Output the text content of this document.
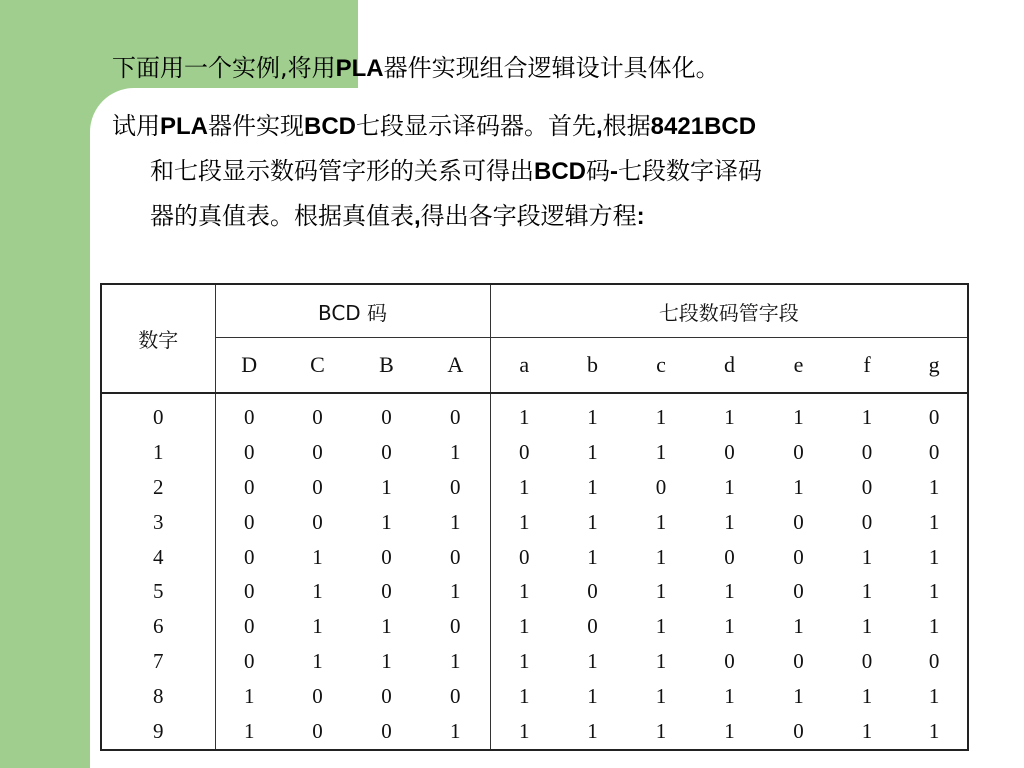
下面用一个实例,将用PLA器件实现组合逻辑设计具体化。

试用PLA器件实现BCD七段显示译码器。首先,根据8421BCD
和七段显示数码管字形的关系可得出BCD码-七段数字译码
器的真值表。根据真值表,得出各字段逻辑方程:

数字	BCD 码				七段数码管字段						
	D	C	B	A	a	b	c	d	e	f	g
0	0	0	0	0	1	1	1	1	1	1	0
1	0	0	0	1	0	1	1	0	0	0	0
2	0	0	1	0	1	1	0	1	1	0	1
3	0	0	1	1	1	1	1	1	0	0	1
4	0	1	0	0	0	1	1	0	0	1	1
5	0	1	0	1	1	0	1	1	0	1	1
6	0	1	1	0	1	0	1	1	1	1	1
7	0	1	1	1	1	1	1	0	0	0	0
8	1	0	0	0	1	1	1	1	1	1	1
9	1	0	0	1	1	1	1	1	0	1	1
